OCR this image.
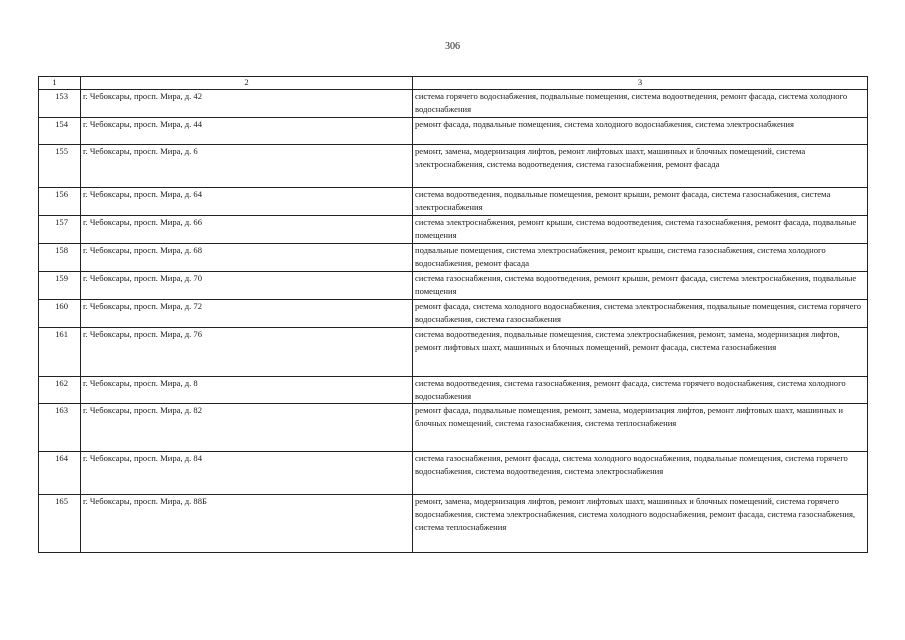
306
1	2	3
153	г. Чебоксары, просп. Мира, д. 42	система горячего водоснабжения, подвальные помещения, система водоотведения, ремонт фасада, система холодного водоснабжения
154	г. Чебоксары, просп. Мира, д. 44	ремонт фасада, подвальные помещения, система холодного водоснабжения, система электроснабжения
155	г. Чебоксары, просп. Мира, д. 6	ремонт, замена, модернизация лифтов, ремонт лифтовых шахт, машинных и блочных помещений, система электроснабжения, система водоотведения, система газоснабжения, ремонт фасада
156	г. Чебоксары, просп. Мира, д. 64	система водоотведения, подвальные помещения, ремонт крыши, ремонт фасада, система газоснабжения, система электроснабжения
157	г. Чебоксары, просп. Мира, д. 66	система электроснабжения, ремонт крыши, система водоотведения, система газоснабжения, ремонт фасада, подвальные помещения
158	г. Чебоксары, просп. Мира, д. 68	подвальные помещения, система электроснабжения, ремонт крыши, система газоснабжения, система холодного водоснабжения, ремонт фасада
159	г. Чебоксары, просп. Мира, д. 70	система газоснабжения, система водоотведения, ремонт крыши, ремонт фасада, система электроснабжения, подвальные помещения
160	г. Чебоксары, просп. Мира, д. 72	ремонт фасада, система холодного водоснабжения, система электроснабжения, подвальные помещения, система горячего водоснабжения, система газоснабжения
161	г. Чебоксары, просп. Мира, д. 76	система водоотведения, подвальные помещения, система электроснабжения, ремонт, замена, модернизация лифтов, ремонт лифтовых шахт, машинных и блочных помещений, ремонт фасада, система газоснабжения
162	г. Чебоксары, просп. Мира, д. 8	система водоотведения, система газоснабжения, ремонт фасада, система горячего водоснабжения, система холодного водоснабжения
163	г. Чебоксары, просп. Мира, д. 82	ремонт фасада, подвальные помещения, ремонт, замена, модернизация лифтов, ремонт лифтовых шахт, машинных и блочных помещений, система газоснабжения, система теплоснабжения
164	г. Чебоксары, просп. Мира, д. 84	система газоснабжения, ремонт фасада, система холодного водоснабжения, подвальные помещения, система горячего водоснабжения, система водоотведения, система электроснабжения
165	г. Чебоксары, просп. Мира, д. 88Б	ремонт, замена, модернизация лифтов, ремонт лифтовых шахт, машинных и блочных помещений, система горячего водоснабжения, система электроснабжения, система холодного водоснабжения, ремонт фасада, система газоснабжения, система теплоснабжения
